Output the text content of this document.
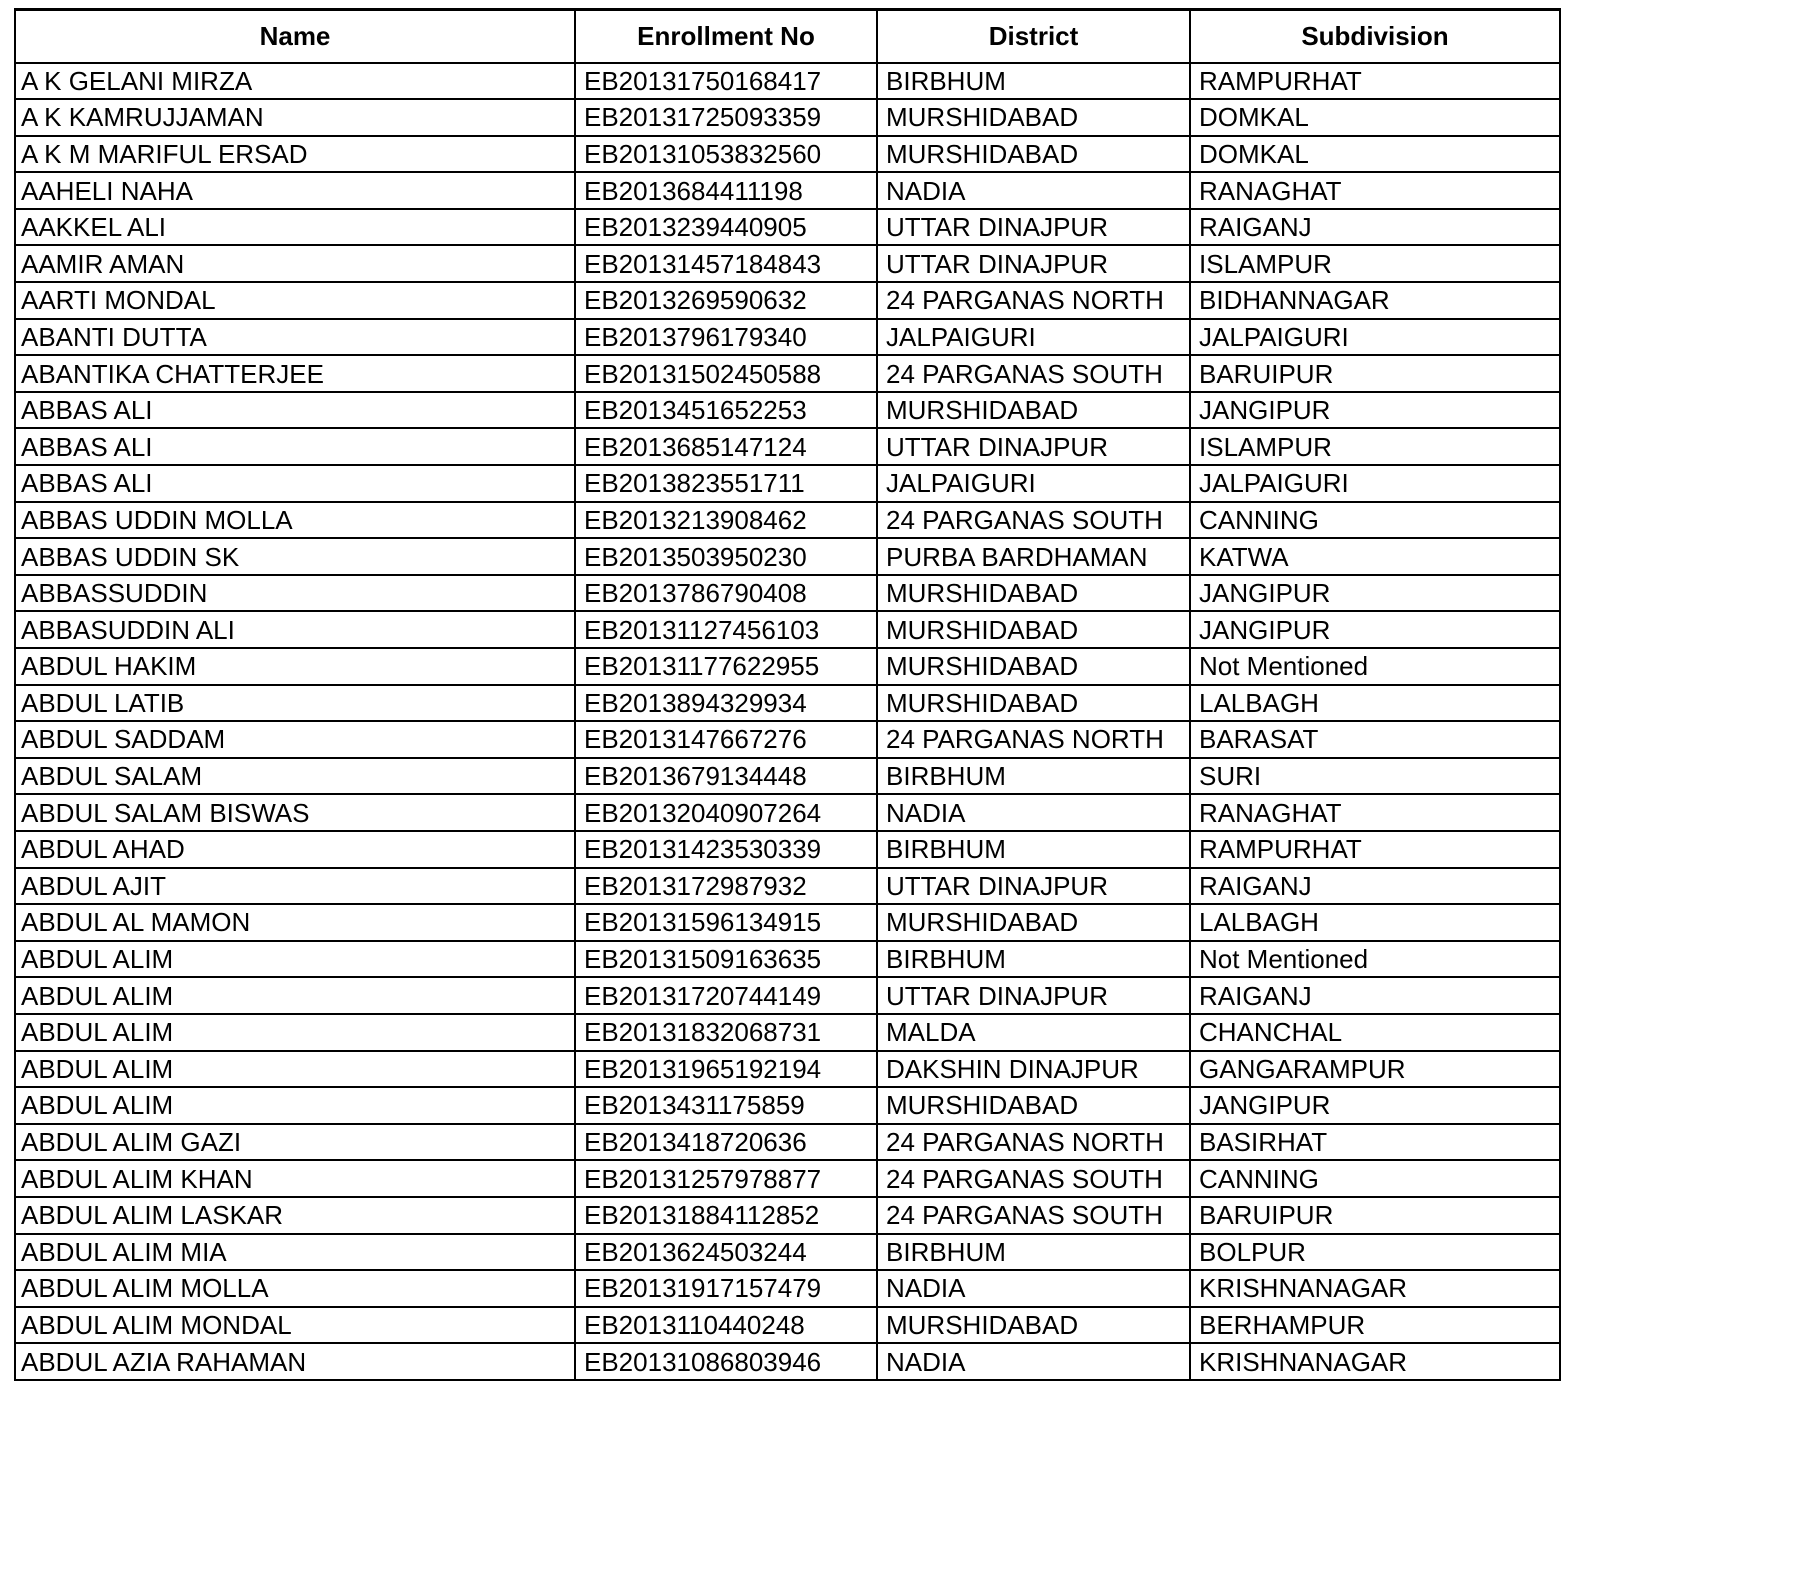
Name	Enrollment No	District	Subdivision
A K GELANI MIRZA	EB20131750168417	BIRBHUM	RAMPURHAT
A K KAMRUJJAMAN	EB20131725093359	MURSHIDABAD	DOMKAL
A K M MARIFUL ERSAD	EB20131053832560	MURSHIDABAD	DOMKAL
AAHELI NAHA	EB2013684411198	NADIA	RANAGHAT
AAKKEL ALI	EB2013239440905	UTTAR DINAJPUR	RAIGANJ
AAMIR AMAN	EB20131457184843	UTTAR DINAJPUR	ISLAMPUR
AARTI MONDAL	EB2013269590632	24 PARGANAS NORTH	BIDHANNAGAR
ABANTI DUTTA	EB2013796179340	JALPAIGURI	JALPAIGURI
ABANTIKA CHATTERJEE	EB20131502450588	24 PARGANAS SOUTH	BARUIPUR
ABBAS ALI	EB2013451652253	MURSHIDABAD	JANGIPUR
ABBAS ALI	EB2013685147124	UTTAR DINAJPUR	ISLAMPUR
ABBAS ALI	EB2013823551711	JALPAIGURI	JALPAIGURI
ABBAS UDDIN MOLLA	EB2013213908462	24 PARGANAS SOUTH	CANNING
ABBAS UDDIN SK	EB2013503950230	PURBA BARDHAMAN	KATWA
ABBASSUDDIN	EB2013786790408	MURSHIDABAD	JANGIPUR
ABBASUDDIN ALI	EB20131127456103	MURSHIDABAD	JANGIPUR
ABDUL HAKIM	EB20131177622955	MURSHIDABAD	Not Mentioned
ABDUL LATIB	EB2013894329934	MURSHIDABAD	LALBAGH
ABDUL SADDAM	EB2013147667276	24 PARGANAS NORTH	BARASAT
ABDUL SALAM	EB2013679134448	BIRBHUM	SURI
ABDUL SALAM BISWAS	EB20132040907264	NADIA	RANAGHAT
ABDUL AHAD	EB20131423530339	BIRBHUM	RAMPURHAT
ABDUL AJIT	EB2013172987932	UTTAR DINAJPUR	RAIGANJ
ABDUL AL MAMON	EB20131596134915	MURSHIDABAD	LALBAGH
ABDUL ALIM	EB20131509163635	BIRBHUM	Not Mentioned
ABDUL ALIM	EB20131720744149	UTTAR DINAJPUR	RAIGANJ
ABDUL ALIM	EB20131832068731	MALDA	CHANCHAL
ABDUL ALIM	EB20131965192194	DAKSHIN DINAJPUR	GANGARAMPUR
ABDUL ALIM	EB2013431175859	MURSHIDABAD	JANGIPUR
ABDUL ALIM GAZI	EB2013418720636	24 PARGANAS NORTH	BASIRHAT
ABDUL ALIM KHAN	EB20131257978877	24 PARGANAS SOUTH	CANNING
ABDUL ALIM LASKAR	EB20131884112852	24 PARGANAS SOUTH	BARUIPUR
ABDUL ALIM MIA	EB2013624503244	BIRBHUM	BOLPUR
ABDUL ALIM MOLLA	EB20131917157479	NADIA	KRISHNANAGAR
ABDUL ALIM MONDAL	EB2013110440248	MURSHIDABAD	BERHAMPUR
ABDUL AZIA RAHAMAN	EB20131086803946	NADIA	KRISHNANAGAR
